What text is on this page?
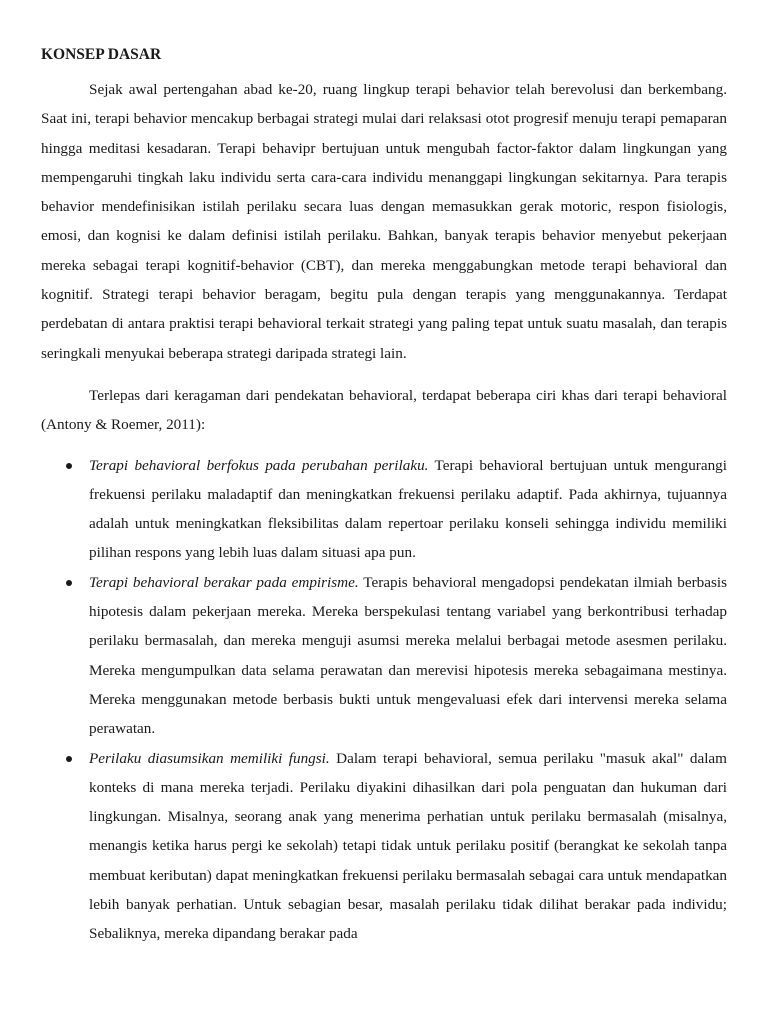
KONSEP DASAR

Sejak awal pertengahan abad ke-20, ruang lingkup terapi behavior telah berevolusi dan berkembang. Saat ini, terapi behavior mencakup berbagai strategi mulai dari relaksasi otot progresif menuju terapi pemaparan hingga meditasi kesadaran. Terapi behavipr bertujuan untuk mengubah factor-faktor dalam lingkungan yang mempengaruhi tingkah laku individu serta cara-cara individu menanggapi lingkungan sekitarnya. Para terapis behavior mendefinisikan istilah perilaku secara luas dengan memasukkan gerak motoric, respon fisiologis, emosi, dan kognisi ke dalam definisi istilah perilaku. Bahkan, banyak terapis behavior menyebut pekerjaan mereka sebagai terapi kognitif-behavior (CBT), dan mereka menggabungkan metode terapi behavioral dan kognitif. Strategi terapi behavior beragam, begitu pula dengan terapis yang menggunakannya. Terdapat perdebatan di antara praktisi terapi behavioral terkait strategi yang paling tepat untuk suatu masalah, dan terapis seringkali menyukai beberapa strategi daripada strategi lain.

Terlepas dari keragaman dari pendekatan behavioral, terdapat beberapa ciri khas dari terapi behavioral (Antony & Roemer, 2011):

Terapi behavioral berfokus pada perubahan perilaku. Terapi behavioral bertujuan untuk mengurangi frekuensi perilaku maladaptif dan meningkatkan frekuensi perilaku adaptif. Pada akhirnya, tujuannya adalah untuk meningkatkan fleksibilitas dalam repertoar perilaku konseli sehingga individu memiliki pilihan respons yang lebih luas dalam situasi apa pun.
Terapi behavioral berakar pada empirisme. Terapis behavioral mengadopsi pendekatan ilmiah berbasis hipotesis dalam pekerjaan mereka. Mereka berspekulasi tentang variabel yang berkontribusi terhadap perilaku bermasalah, dan mereka menguji asumsi mereka melalui berbagai metode asesmen perilaku. Mereka mengumpulkan data selama perawatan dan merevisi hipotesis mereka sebagaimana mestinya. Mereka menggunakan metode berbasis bukti untuk mengevaluasi efek dari intervensi mereka selama perawatan.
Perilaku diasumsikan memiliki fungsi. Dalam terapi behavioral, semua perilaku "masuk akal" dalam konteks di mana mereka terjadi. Perilaku diyakini dihasilkan dari pola penguatan dan hukuman dari lingkungan. Misalnya, seorang anak yang menerima perhatian untuk perilaku bermasalah (misalnya, menangis ketika harus pergi ke sekolah) tetapi tidak untuk perilaku positif (berangkat ke sekolah tanpa membuat keributan) dapat meningkatkan frekuensi perilaku bermasalah sebagai cara untuk mendapatkan lebih banyak perhatian. Untuk sebagian besar, masalah perilaku tidak dilihat berakar pada individu; Sebaliknya, mereka dipandang berakar pada
